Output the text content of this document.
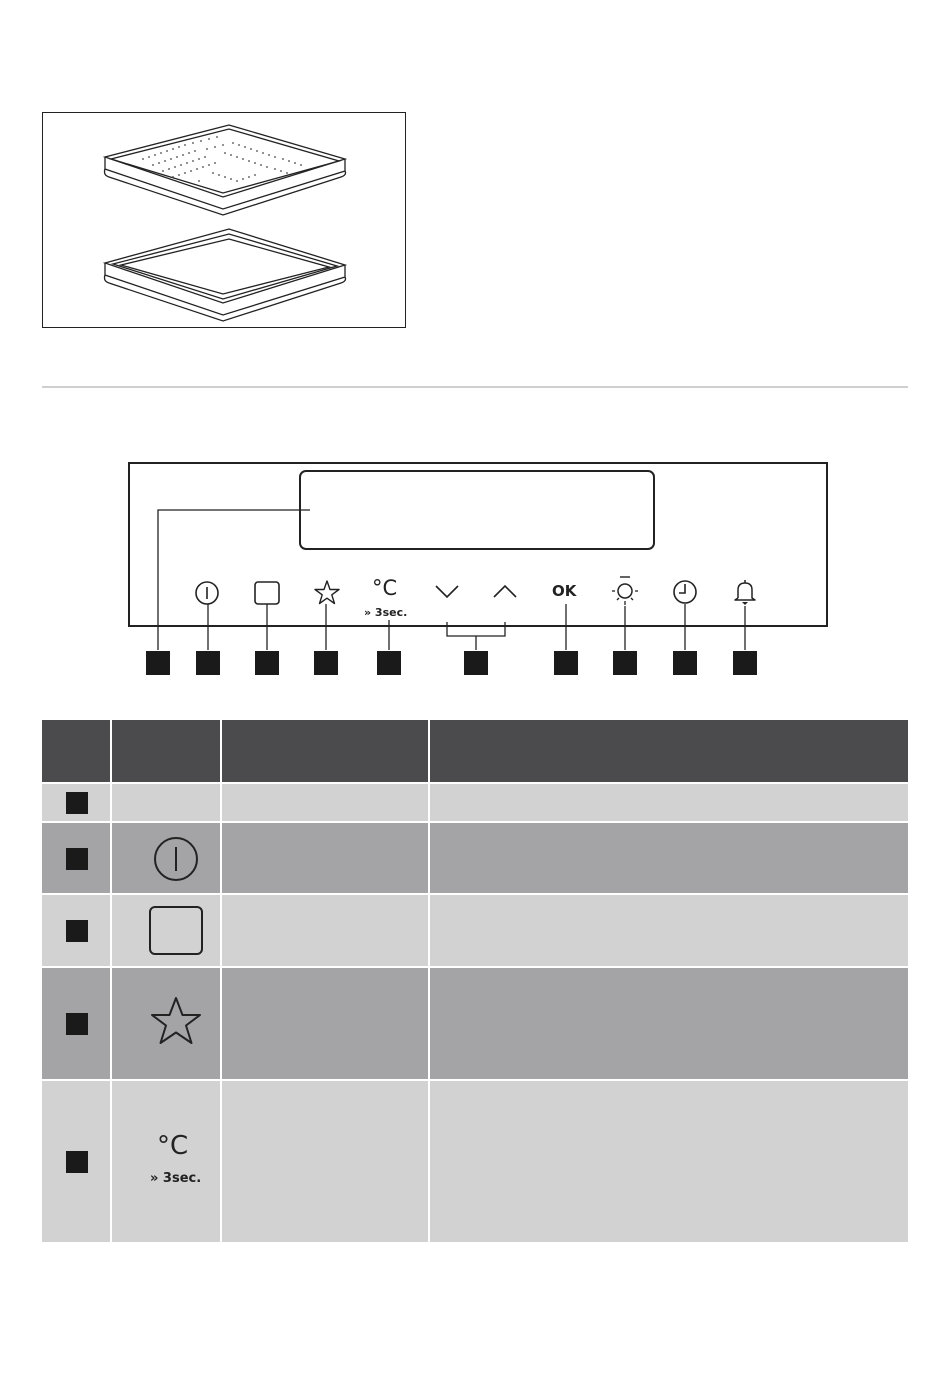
°C
» 3sec.
OK
°C
» 3sec.
